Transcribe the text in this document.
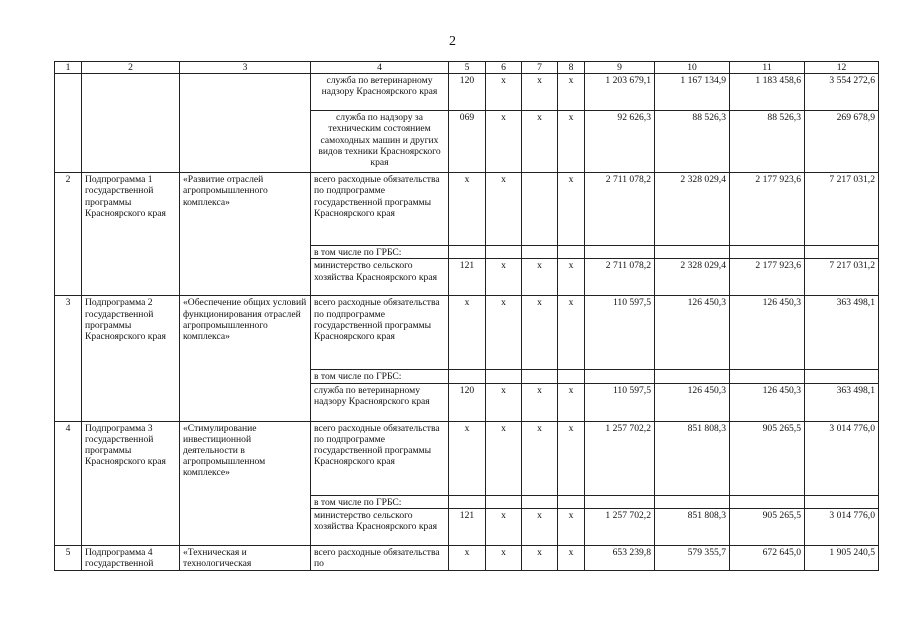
2
1	2	3	4	5	6	7	8	9	10	11	12
			служба по ветеринарному надзору Красноярского края	120	х	х	х	1 203 679,1	1 167 134,9	1 183 458,6	3 554 272,6
			служба по надзору за техническим состоянием самоходных машин и других видов техники Красноярского края	069	х	х	х	92 626,3	88 526,3	88 526,3	269 678,9
2	Подпрограмма 1 государственной программы Красноярского края	«Развитие отраслей агропромышленного комплекса»	всего расходные обязательства по подпрограмме государственной программы Красноярского края	х	х		х	2 711 078,2	2 328 029,4	2 177 923,6	7 217 031,2
			в том числе по ГРБС:								
			министерство сельского хозяйства Красноярского края	121	х	х	х	2 711 078,2	2 328 029,4	2 177 923,6	7 217 031,2
3	Подпрограмма 2 государственной программы Красноярского края	«Обеспечение общих условий функционирования отраслей агропромышленного комплекса»	всего расходные обязательства по подпрограмме государственной программы Красноярского края	х	х	х	х	110 597,5	126 450,3	126 450,3	363 498,1
			в том числе по ГРБС:								
			служба по ветеринарному надзору Красноярского края	120	х	х	х	110 597,5	126 450,3	126 450,3	363 498,1
4	Подпрограмма 3 государственной программы Красноярского края	«Стимулирование инвестиционной деятельности в агропромышленном комплексе»	всего расходные обязательства по подпрограмме государственной программы Красноярского края	х	х	х	х	1 257 702,2	851 808,3	905 265,5	3 014 776,0
			в том числе по ГРБС:								
			министерство сельского хозяйства Красноярского края	121	х	х	х	1 257 702,2	851 808,3	905 265,5	3 014 776,0
5	Подпрограмма 4 государственной	«Техническая и технологическая	всего расходные обязательства по	х	х	х	х	653 239,8	579 355,7	672 645,0	1 905 240,5
